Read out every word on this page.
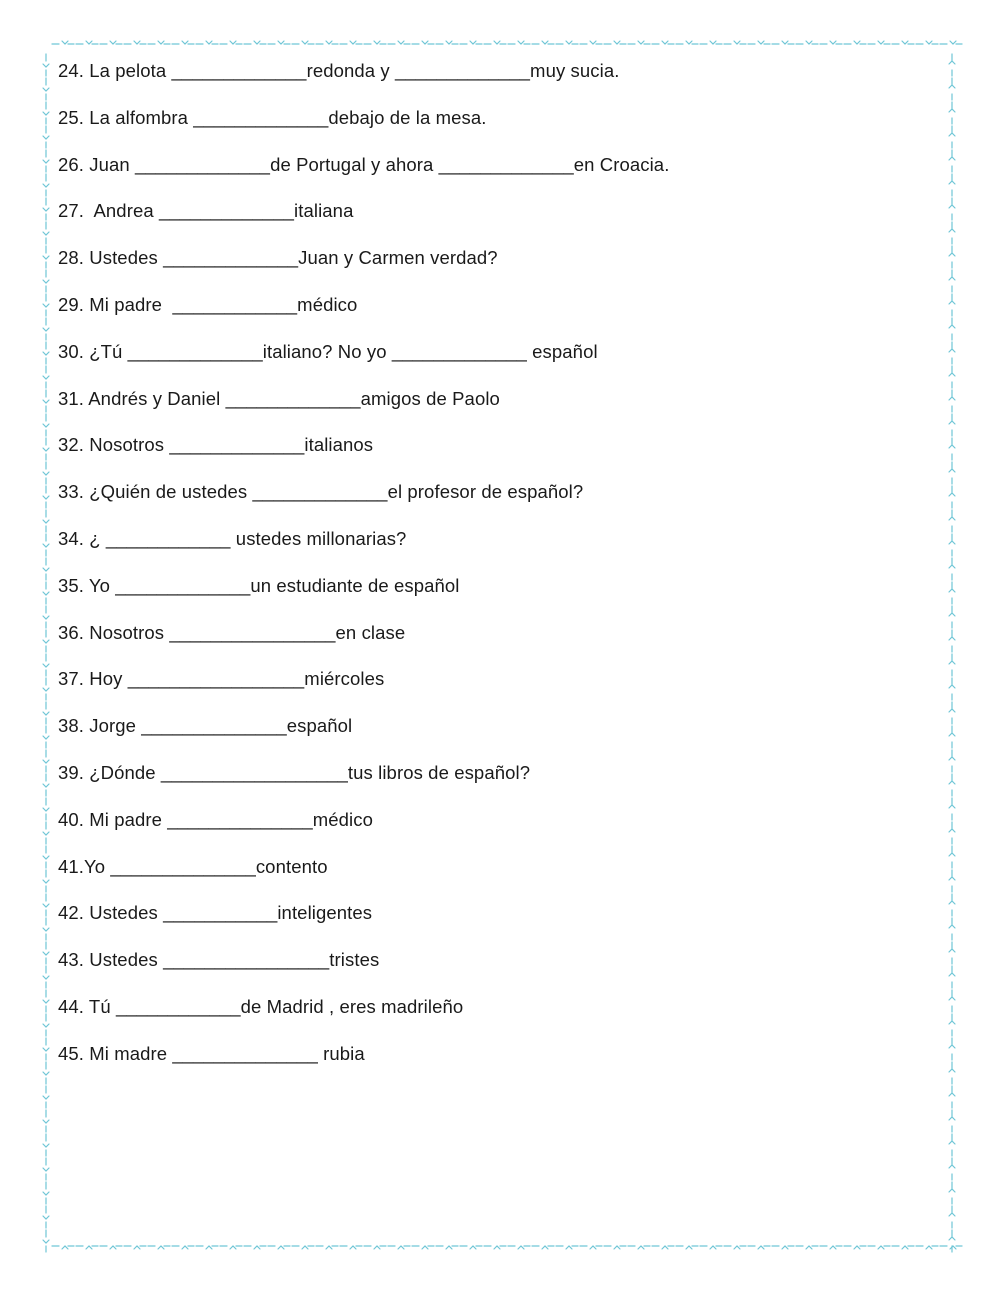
24. La pelota _____________redonda y _____________muy sucia.
25. La alfombra _____________debajo de la mesa.
26. Juan _____________de Portugal y ahora _____________en Croacia.
27.  Andrea _____________italiana
28. Ustedes _____________Juan y Carmen verdad?
29. Mi padre  ____________médico
30. ¿Tú _____________italiano? No yo _____________ español
31. Andrés y Daniel _____________amigos de Paolo
32. Nosotros _____________italianos
33. ¿Quién de ustedes _____________el profesor de español?
34. ¿ ____________ ustedes millonarias?
35. Yo _____________un estudiante de español
36. Nosotros ________________en clase
37. Hoy _________________miércoles
38. Jorge ______________español
39. ¿Dónde __________________tus libros de español?
40. Mi padre ______________médico
41.Yo ______________contento
42. Ustedes ___________inteligentes
43. Ustedes ________________tristes
44. Tú ____________de Madrid , eres madrileño
45. Mi madre ______________ rubia
